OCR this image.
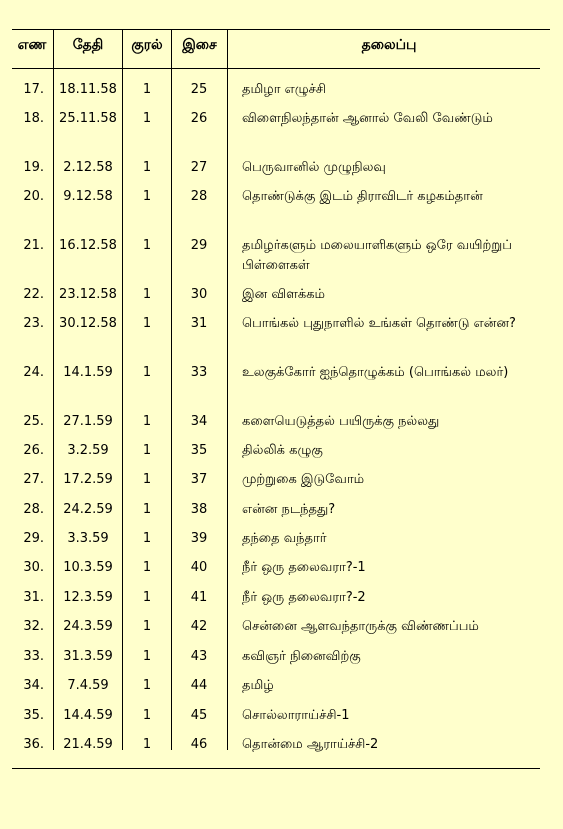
எண	தேதி	குரல்	இசை	தலைப்பு
17.	18.11.58	1	25	தமிழா எழுச்சி
18.	25.11.58	1	26	விளைநிலந்தான் ஆனால் வேலி வேண்டும்
19.	2.12.58	1	27	பெருவானில் முழுநிலவு
20.	9.12.58	1	28	தொண்டுக்கு இடம் திராவிடர் கழகம்தான்
21.	16.12.58	1	29	தமிழர்களும் மலையாளிகளும் ஒரே வயிற்றுப் பிள்ளைகள்
22.	23.12.58	1	30	இன விளக்கம்
23.	30.12.58	1	31	பொங்கல் புதுநாளில் உங்கள் தொண்டு என்ன?
24.	14.1.59	1	33	உலகுக்கோர் ஐந்தொழுக்கம் (பொங்கல் மலர்)
25.	27.1.59	1	34	களையெடுத்தல் பயிருக்கு நல்லது
26.	3.2.59	1	35	தில்லிக் கழுகு
27.	17.2.59	1	37	முற்றுகை இடுவோம்
28.	24.2.59	1	38	என்ன நடந்தது?
29.	3.3.59	1	39	தந்தை வந்தார்
30.	10.3.59	1	40	நீர் ஒரு தலைவரா?-1
31.	12.3.59	1	41	நீர் ஒரு தலைவரா?-2
32.	24.3.59	1	42	சென்னை ஆளவந்தாருக்கு விண்ணப்பம்
33.	31.3.59	1	43	கவிஞர் நினைவிற்கு
34.	7.4.59	1	44	தமிழ்
35.	14.4.59	1	45	சொல்லாராய்ச்சி-1
36.	21.4.59	1	46	தொன்மை ஆராய்ச்சி-2
